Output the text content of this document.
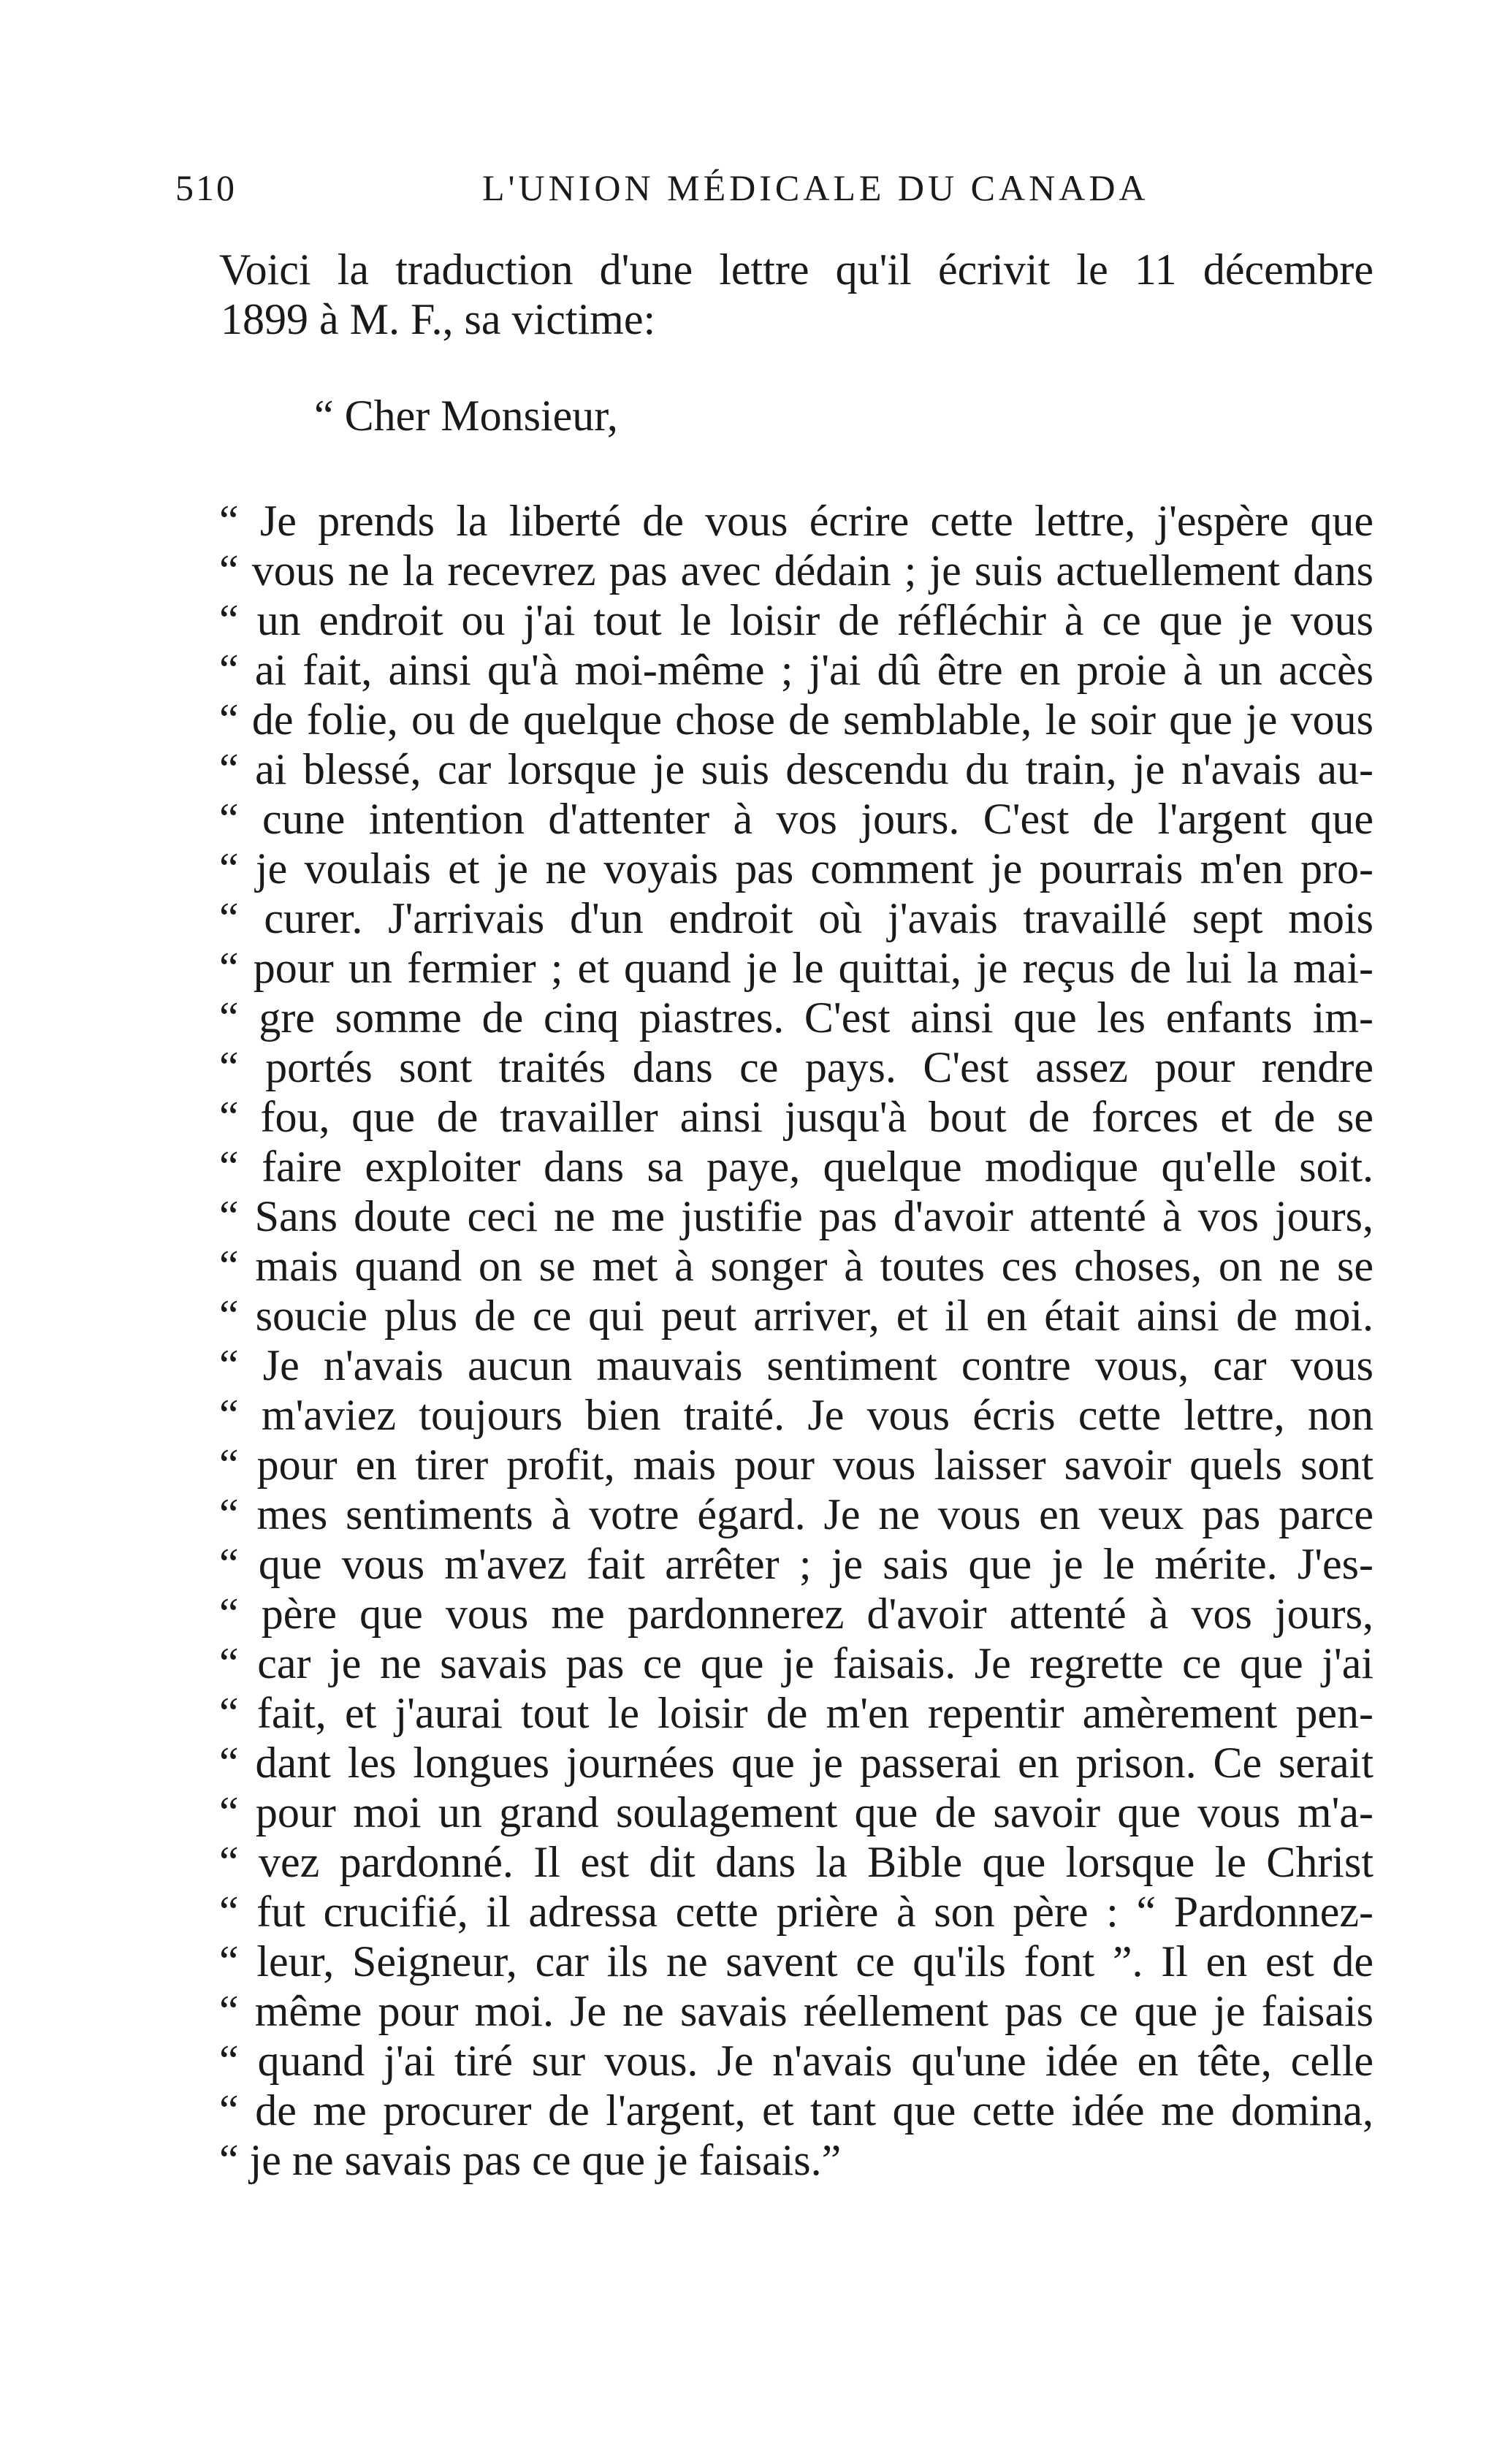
510	L'UNION MÉDICALE DU CANADA
Voici la traduction d'une lettre qu'il écrivit le 11 décembre
1899 à M. F., sa victime:
“ Cher Monsieur,
“ Je prends la liberté de vous écrire cette lettre, j'espère que
“ vous ne la recevrez pas avec dédain ; je suis actuellement dans
“ un endroit ou j'ai tout le loisir de réfléchir à ce que je vous
“ ai fait, ainsi qu'à moi-même ; j'ai dû être en proie à un accès
“ de folie, ou de quelque chose de semblable, le soir que je vous
“ ai blessé, car lorsque je suis descendu du train, je n'avais au-
“ cune intention d'attenter à vos jours. C'est de l'argent que
“ je voulais et je ne voyais pas comment je pourrais m'en pro-
“ curer. J'arrivais d'un endroit où j'avais travaillé sept mois
“ pour un fermier ; et quand je le quittai, je reçus de lui la mai-
“ gre somme de cinq piastres. C'est ainsi que les enfants im-
“ portés sont traités dans ce pays. C'est assez pour rendre
“ fou, que de travailler ainsi jusqu'à bout de forces et de se
“ faire exploiter dans sa paye, quelque modique qu'elle soit.
“ Sans doute ceci ne me justifie pas d'avoir attenté à vos jours,
“ mais quand on se met à songer à toutes ces choses, on ne se
“ soucie plus de ce qui peut arriver, et il en était ainsi de moi.
“ Je n'avais aucun mauvais sentiment contre vous, car vous
“ m'aviez toujours bien traité. Je vous écris cette lettre, non
“ pour en tirer profit, mais pour vous laisser savoir quels sont
“ mes sentiments à votre égard. Je ne vous en veux pas parce
“ que vous m'avez fait arrêter ; je sais que je le mérite. J'es-
“ père que vous me pardonnerez d'avoir attenté à vos jours,
“ car je ne savais pas ce que je faisais. Je regrette ce que j'ai
“ fait, et j'aurai tout le loisir de m'en repentir amèrement pen-
“ dant les longues journées que je passerai en prison. Ce serait
“ pour moi un grand soulagement que de savoir que vous m'a-
“ vez pardonné. Il est dit dans la Bible que lorsque le Christ
“ fut crucifié, il adressa cette prière à son père : “ Pardonnez-
“ leur, Seigneur, car ils ne savent ce qu'ils font ”. Il en est de
“ même pour moi. Je ne savais réellement pas ce que je faisais
“ quand j'ai tiré sur vous. Je n'avais qu'une idée en tête, celle
“ de me procurer de l'argent, et tant que cette idée me domina,
“ je ne savais pas ce que je faisais.”
